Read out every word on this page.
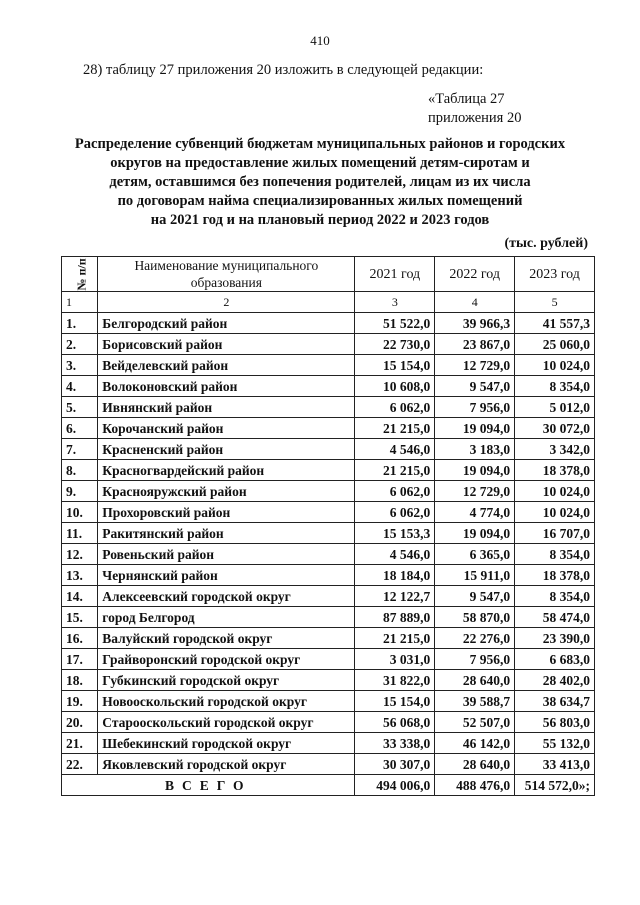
410
28) таблицу 27 приложения 20 изложить в следующей редакции:
«Таблица 27
приложения 20
Распределение субвенций бюджетам муниципальных районов и городских
округов на предоставление жилых помещений детям-сиротам и
детям, оставшимся без попечения родителей, лицам из их числа
по договорам найма специализированных жилых помещений
на 2021 год и на плановый период 2022 и 2023 годов
(тыс. рублей)
№ п/п	Наименование муниципального образования	2021 год	2022 год	2023 год
1	2	3	4	5
1.	Белгородский район	51 522,0	39 966,3	41 557,3
2.	Борисовский район	22 730,0	23 867,0	25 060,0
3.	Вейделевский район	15 154,0	12 729,0	10 024,0
4.	Волоконовский район	10 608,0	9 547,0	8 354,0
5.	Ивнянский район	6 062,0	7 956,0	5 012,0
6.	Корочанский район	21 215,0	19 094,0	30 072,0
7.	Красненский район	4 546,0	3 183,0	3 342,0
8.	Красногвардейский район	21 215,0	19 094,0	18 378,0
9.	Краснояружский район	6 062,0	12 729,0	10 024,0
10.	Прохоровский район	6 062,0	4 774,0	10 024,0
11.	Ракитянский район	15 153,3	19 094,0	16 707,0
12.	Ровеньский район	4 546,0	6 365,0	8 354,0
13.	Чернянский район	18 184,0	15 911,0	18 378,0
14.	Алексеевский городской округ	12 122,7	9 547,0	8 354,0
15.	город Белгород	87 889,0	58 870,0	58 474,0
16.	Валуйский городской округ	21 215,0	22 276,0	23 390,0
17.	Грайворонский городской округ	3 031,0	7 956,0	6 683,0
18.	Губкинский городской округ	31 822,0	28 640,0	28 402,0
19.	Новооскольский городской округ	15 154,0	39 588,7	38 634,7
20.	Старооскольский городской округ	56 068,0	52 507,0	56 803,0
21.	Шебекинский городской округ	33 338,0	46 142,0	55 132,0
22.	Яковлевский городской округ	30 307,0	28 640,0	33 413,0
ВСЕГО		494 006,0	488 476,0	514 572,0»;
